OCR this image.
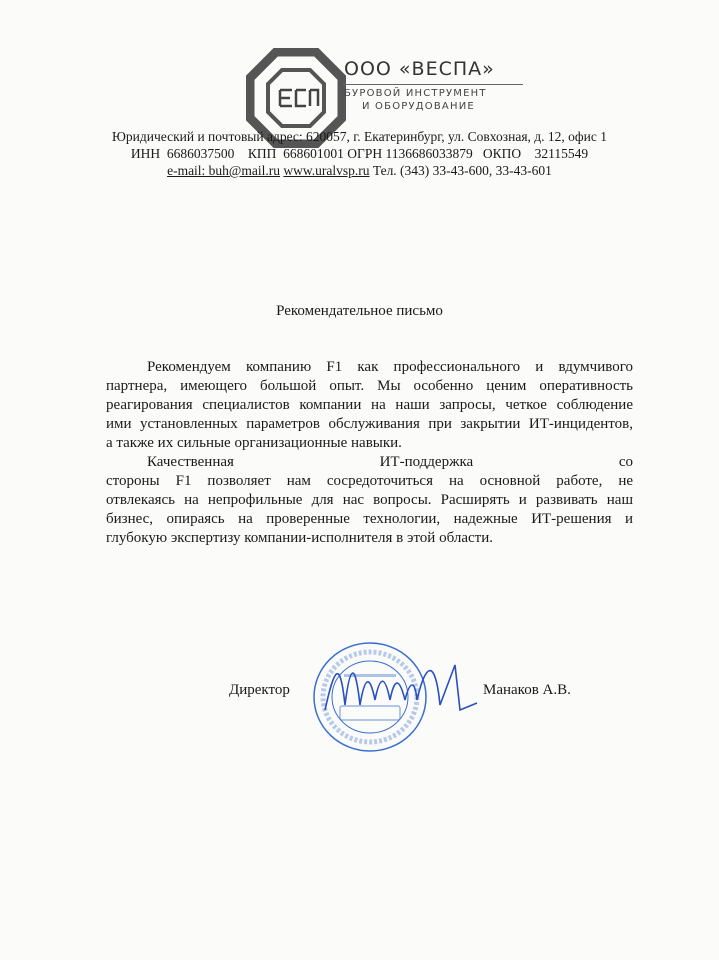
ООО «ВЕСПА»
БУРОВОЙ ИНСТРУМЕНТ
И ОБОРУДОВАНИЕ
Юридический и почтовый адрес: 620057, г. Екатеринбург, ул. Совхозная, д. 12, офис 1
ИНН  6686037500    КПП  668601001 ОГРН 1136686033879   ОКПО    32115549
e-mail: buh@mail.ru www.uralvsp.ru Тел. (343) 33-43-600, 33-43-601
Рекомендательное письмо
Рекомендуем компанию F1 как профессионального и вдумчивого
партнера, имеющего большой опыт. Мы особенно ценим оперативность
реагирования специалистов компании на наши запросы, четкое соблюдение
ими установленных параметров обслуживания при закрытии ИТ-инцидентов,
а также их сильные организационные навыки.
Качественная ИТ-поддержка со
стороны F1 позволяет нам сосредоточиться на основной работе, не
отвлекаясь на непрофильные для нас вопросы. Расширять и развивать наш
бизнес, опираясь на проверенные технологии, надежные ИТ-решения и
глубокую экспертизу компании-исполнителя в этой области.
Директор	Манаков А.В.
